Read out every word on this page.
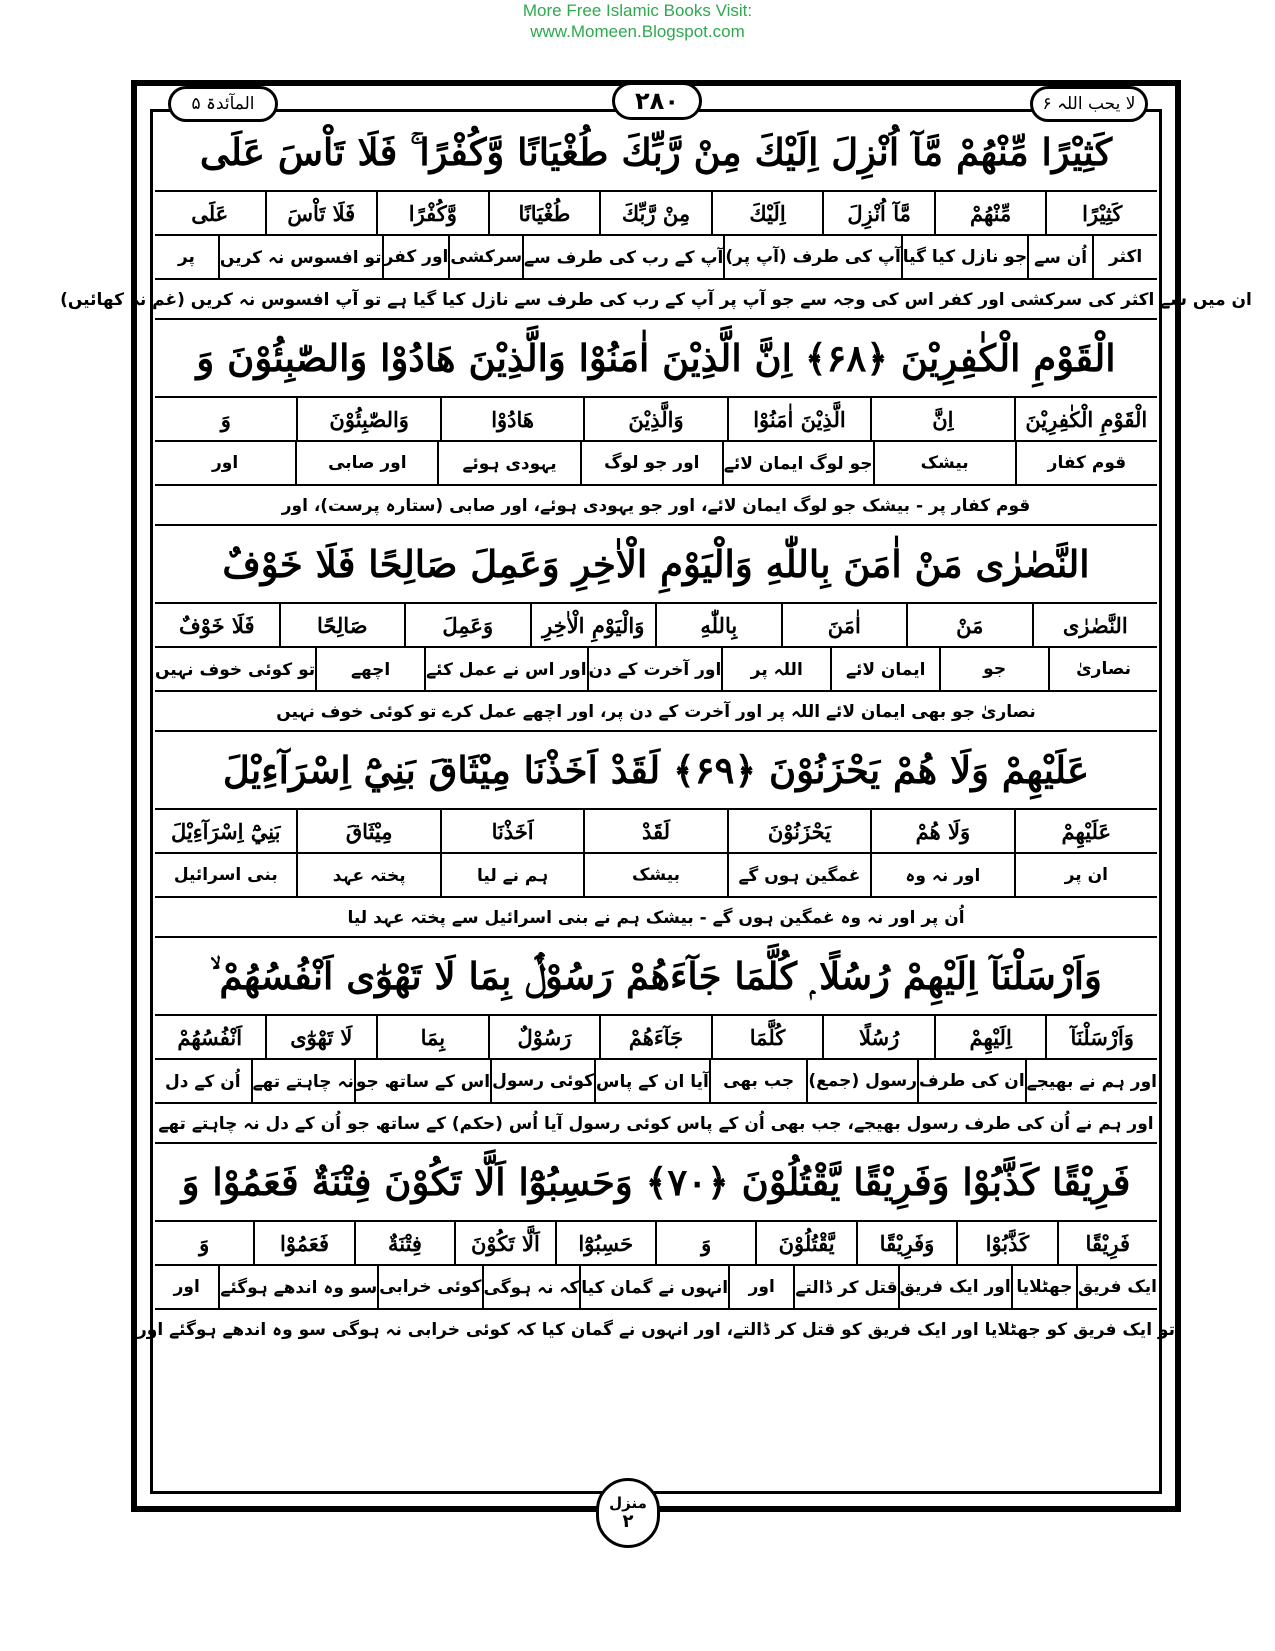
More Free Islamic Books Visit:
www.Momeen.Blogspot.com
المآئدۃ ۵	۲۸۰	لا یحب اللہ ۶
كَثِيْرًا مِّنْهُمْ مَّآ اُنْزِلَ اِلَيْكَ مِنْ رَّبِّكَ طُغْيَانًا وَّكُفْرًا ۚ فَلَا تَاْسَ عَلَى
كَثِيْرًا
مِّنْهُمْ
مَّآ اُنْزِلَ
اِلَيْكَ
مِنْ رَّبِّكَ
طُغْيَانًا
وَّكُفْرًا
فَلَا تَاْسَ
عَلَى
اکثر
اُن سے
جو نازل کیا گیا
آپ کی طرف (آپ پر)
آپ کے رب کی طرف سے
سرکشی
اور کفر
تو افسوس نہ کریں
پر
ان میں سے اکثر کی سرکشی اور کفر اس کی وجہ سے جو آپ پر آپ کے رب کی طرف سے نازل کیا گیا ہے تو آپ افسوس نہ کریں (غم نہ کھائیں)
الْقَوْمِ الْكٰفِرِيْنَ ﴿۶۸﴾ اِنَّ الَّذِيْنَ اٰمَنُوْا وَالَّذِيْنَ هَادُوْا وَالصّٰبِئُوْنَ وَ
الْقَوْمِ الْكٰفِرِيْنَ
اِنَّ
الَّذِيْنَ اٰمَنُوْا
وَالَّذِيْنَ
هَادُوْا
وَالصّٰبِئُوْنَ
وَ
قوم کفار
بیشک
جو لوگ ایمان لائے
اور جو لوگ
یہودی ہوئے
اور صابی
اور
قوم کفار پر - بیشک جو لوگ ایمان لائے، اور جو یہودی ہوئے، اور صابی (ستارہ پرست)، اور
النَّصٰرٰى مَنْ اٰمَنَ بِاللّٰهِ وَالْيَوْمِ الْاٰخِرِ وَعَمِلَ صَالِحًا فَلَا خَوْفٌ
النَّصٰرٰى
مَنْ
اٰمَنَ
بِاللّٰهِ
وَالْيَوْمِ الْاٰخِرِ
وَعَمِلَ
صَالِحًا
فَلَا خَوْفٌ
نصاریٰ
جو
ایمان لائے
اللہ پر
اور آخرت کے دن
اور اس نے عمل کئے
اچھے
تو کوئی خوف نہیں
نصاریٰ جو بھی ایمان لائے اللہ پر اور آخرت کے دن پر، اور اچھے عمل کرے تو کوئی خوف نہیں
عَلَيْهِمْ وَلَا هُمْ يَحْزَنُوْنَ ﴿۶۹﴾ لَقَدْ اَخَذْنَا مِيْثَاقَ بَنِيْٓ اِسْرَآءِيْلَ
عَلَيْهِمْ
وَلَا هُمْ
يَحْزَنُوْنَ
لَقَدْ
اَخَذْنَا
مِيْثَاقَ
بَنِيْٓ اِسْرَآءِيْلَ
ان پر
اور نہ وہ
غمگین ہوں گے
بیشک
ہم نے لیا
پختہ عہد
بنی اسرائیل
اُن پر اور نہ وہ غمگین ہوں گے - بیشک ہم نے بنی اسرائیل سے پختہ عہد لیا
وَاَرْسَلْنَآ اِلَيْهِمْ رُسُلًا ۭ كُلَّمَا جَآءَهُمْ رَسُوْلٌۢ بِمَا لَا تَهْوٰٓى اَنْفُسُهُمْ ۙ
وَاَرْسَلْنَآ
اِلَيْهِمْ
رُسُلًا
كُلَّمَا
جَآءَهُمْ
رَسُوْلٌ
بِمَا
لَا تَهْوٰٓى
اَنْفُسُهُمْ
اور ہم نے بھیجے
ان کی طرف
رسول (جمع)
جب بھی
آیا ان کے پاس
کوئی رسول
اس کے ساتھ جو
نہ چاہتے تھے
اُن کے دل
اور ہم نے اُن کی طرف رسول بھیجے، جب بھی اُن کے پاس کوئی رسول آیا اُس (حکم) کے ساتھ جو اُن کے دل نہ چاہتے تھے
فَرِيْقًا كَذَّبُوْا وَفَرِيْقًا يَّقْتُلُوْنَ ﴿۷۰﴾ وَحَسِبُوْٓا اَلَّا تَكُوْنَ فِتْنَةٌ فَعَمُوْا وَ
فَرِيْقًا
كَذَّبُوْا
وَفَرِيْقًا
يَّقْتُلُوْنَ
وَ
حَسِبُوْٓا
اَلَّا تَكُوْنَ
فِتْنَةٌ
فَعَمُوْا
وَ
ایک فریق
جھٹلایا
اور ایک فریق
قتل کر ڈالتے
اور
انہوں نے گمان کیا
کہ نہ ہوگی
کوئی خرابی
سو وہ اندھے ہوگئے
اور
تو ایک فریق کو جھٹلایا اور ایک فریق کو قتل کر ڈالتے، اور انہوں نے گمان کیا کہ کوئی خرابی نہ ہوگی سو وہ اندھے ہوگئے اور
منزل
۲
